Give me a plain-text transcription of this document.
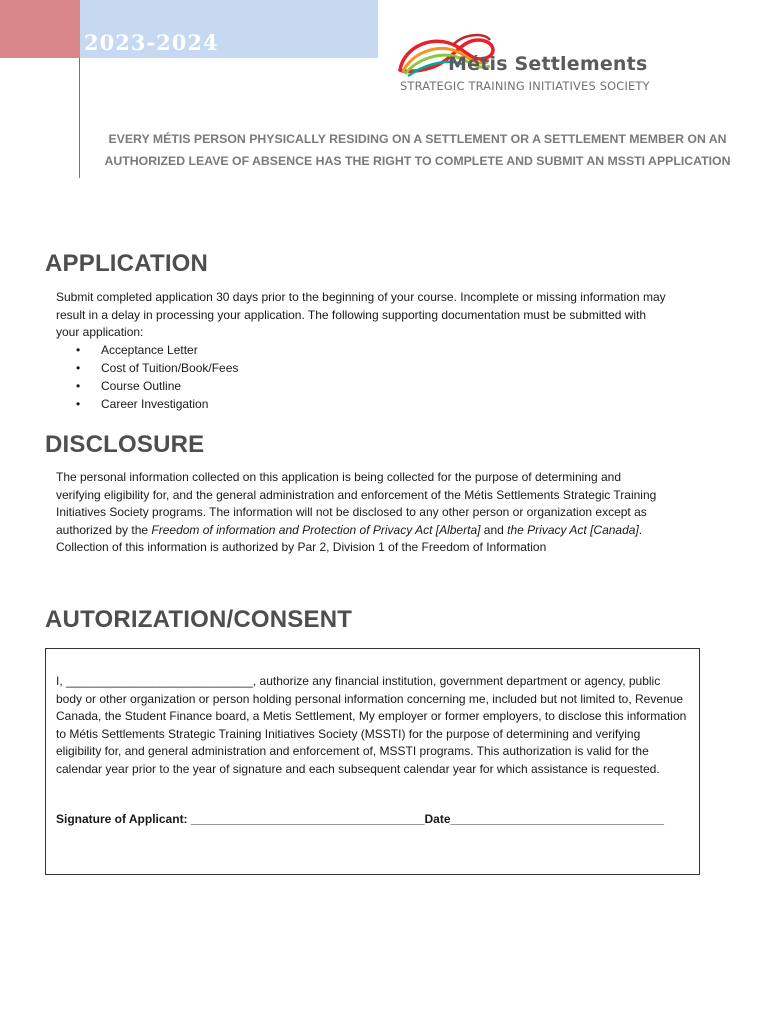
2023-2024
Métis Settlements
STRATEGIC TRAINING INITIATIVES SOCIETY
EVERY MÉTIS PERSON PHYSICALLY RESIDING ON A SETTLEMENT OR A SETTLEMENT MEMBER ON AN
AUTHORIZED LEAVE OF ABSENCE HAS THE RIGHT TO COMPLETE AND SUBMIT AN MSSTI APPLICATION
APPLICATION

Submit completed application 30 days prior to the beginning of your course. Incomplete or missing information may result in a delay in processing your application. The following supporting documentation must be submitted with your application:

• Acceptance Letter
• Cost of Tuition/Book/Fees
• Course Outline
• Career Investigation
DISCLOSURE

The personal information collected on this application is being collected for the purpose of determining and verifying eligibility for, and the general administration and enforcement of the Métis Settlements Strategic Training Initiatives Society programs. The information will not be disclosed to any other person or organization except as authorized by the Freedom of information and Protection of Privacy Act [Alberta] and the Privacy Act [Canada]. Collection of this information is authorized by Par 2, Division 1 of the Freedom of Information

AUTORIZATION/CONSENT

I, ____________________________, authorize any financial institution, government department or agency, public body or other organization or person holding personal information concerning me, included but not limited to, Revenue Canada, the Student Finance board, a Metis Settlement, My employer or former employers, to disclose this information to Métis Settlements Strategic Training Initiatives Society (MSSTI) for the purpose of determining and verifying eligibility for, and general administration and enforcement of, MSSTI programs. This authorization is valid for the calendar year prior to the year of signature and each subsequent calendar year for which assistance is requested.

Signature of Applicant: ___________________________________Date________________________________
